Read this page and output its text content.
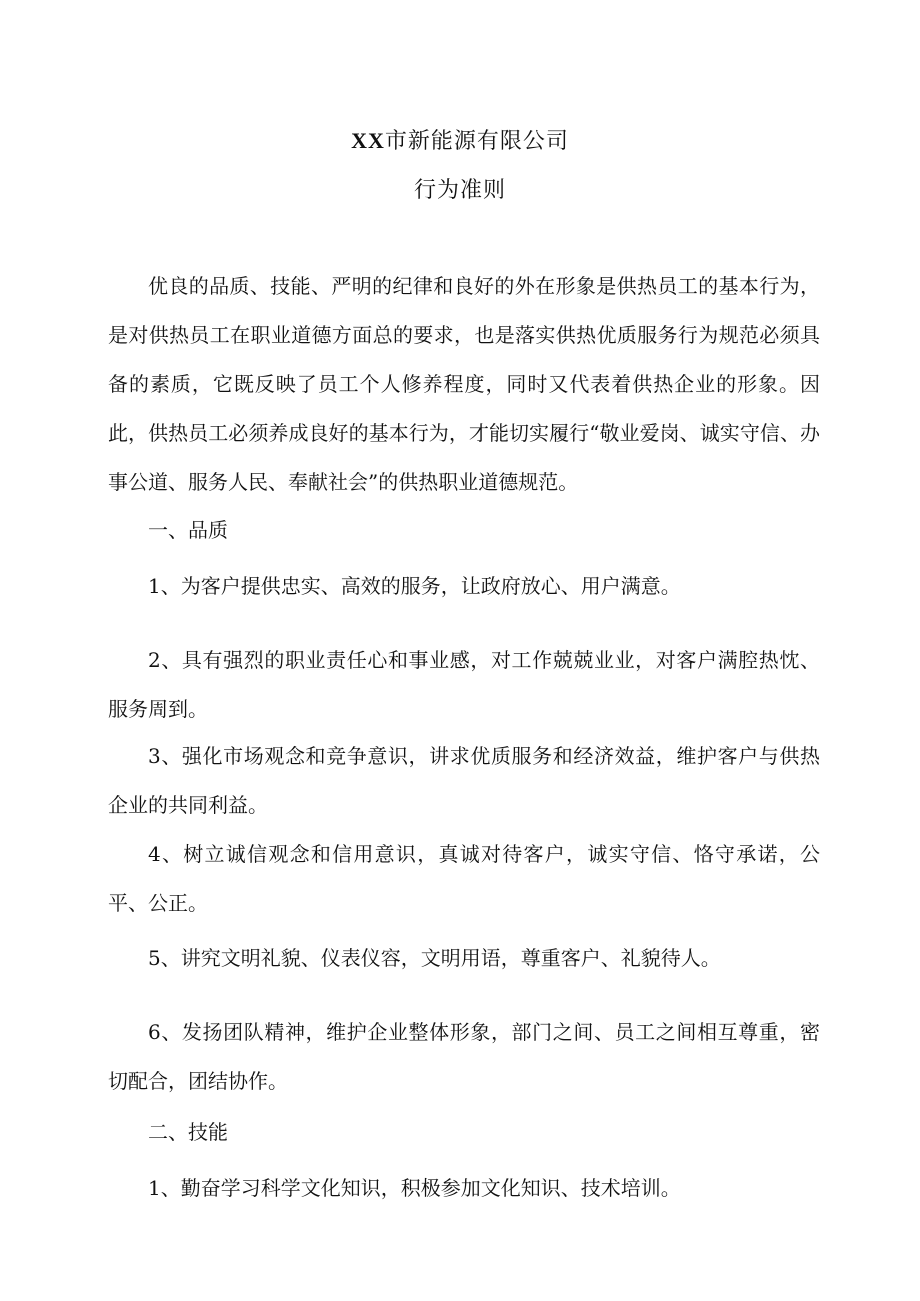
XX市新能源有限公司
行为准则

优良的品质、技能、严明的纪律和良好的外在形象是供热员工的基本行为，是对供热员工在职业道德方面总的要求，也是落实供热优质服务行为规范必须具备的素质，它既反映了员工个人修养程度，同时又代表着供热企业的形象。因此，供热员工必须养成良好的基本行为，才能切实履行“敬业爱岗、诚实守信、办事公道、服务人民、奉献社会”的供热职业道德规范。

一、品质

1、为客户提供忠实、高效的服务，让政府放心、用户满意。

2、具有强烈的职业责任心和事业感，对工作兢兢业业，对客户满腔热忱、服务周到。

3、强化市场观念和竞争意识，讲求优质服务和经济效益，维护客户与供热企业的共同利益。

4、树立诚信观念和信用意识，真诚对待客户，诚实守信、恪守承诺，公平、公正。

5、讲究文明礼貌、仪表仪容，文明用语，尊重客户、礼貌待人。

6、发扬团队精神，维护企业整体形象，部门之间、员工之间相互尊重，密切配合，团结协作。

二、技能

1、勤奋学习科学文化知识，积极参加文化知识、技术培训。
